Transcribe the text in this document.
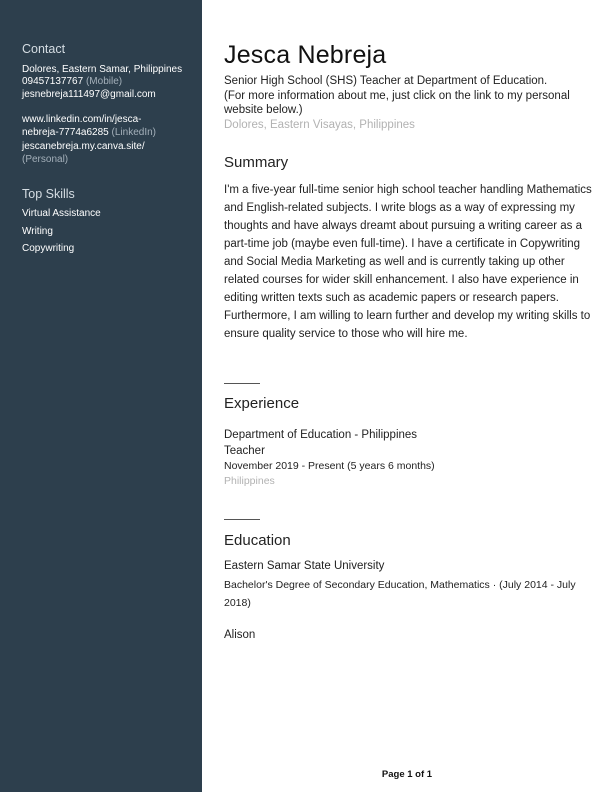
Contact
Dolores, Eastern Samar, Philippines
09457137767 (Mobile)
jesnebreja111497@gmail.com
www.linkedin.com/in/jesca-
nebreja-7774a6285 (LinkedIn)
jescanebreja.my.canva.site/
(Personal)
Top Skills
Virtual Assistance
Writing
Copywriting
Jesca Nebreja
Senior High School (SHS) Teacher at Department of Education.
(For more information about me, just click on the link to my personal
website below.)
Dolores, Eastern Visayas, Philippines
Summary
I'm a five-year full-time senior high school teacher handling Mathematics and English-related subjects. I write blogs as a way of expressing my thoughts and have always dreamt about pursuing a writing career as a part-time job (maybe even full-time). I have a certificate in Copywriting and Social Media Marketing as well and is currently taking up other related courses for wider skill enhancement. I also have experience in editing written texts such as academic papers or research papers. Furthermore, I am willing to learn further and develop my writing skills to ensure quality service to those who will hire me.
Experience
Department of Education - Philippines
Teacher
November 2019 - Present (5 years 6 months)
Philippines
Education
Eastern Samar State University
Bachelor's Degree of Secondary Education, Mathematics · (July 2014 - July
2018)
Alison
Page 1 of 1
